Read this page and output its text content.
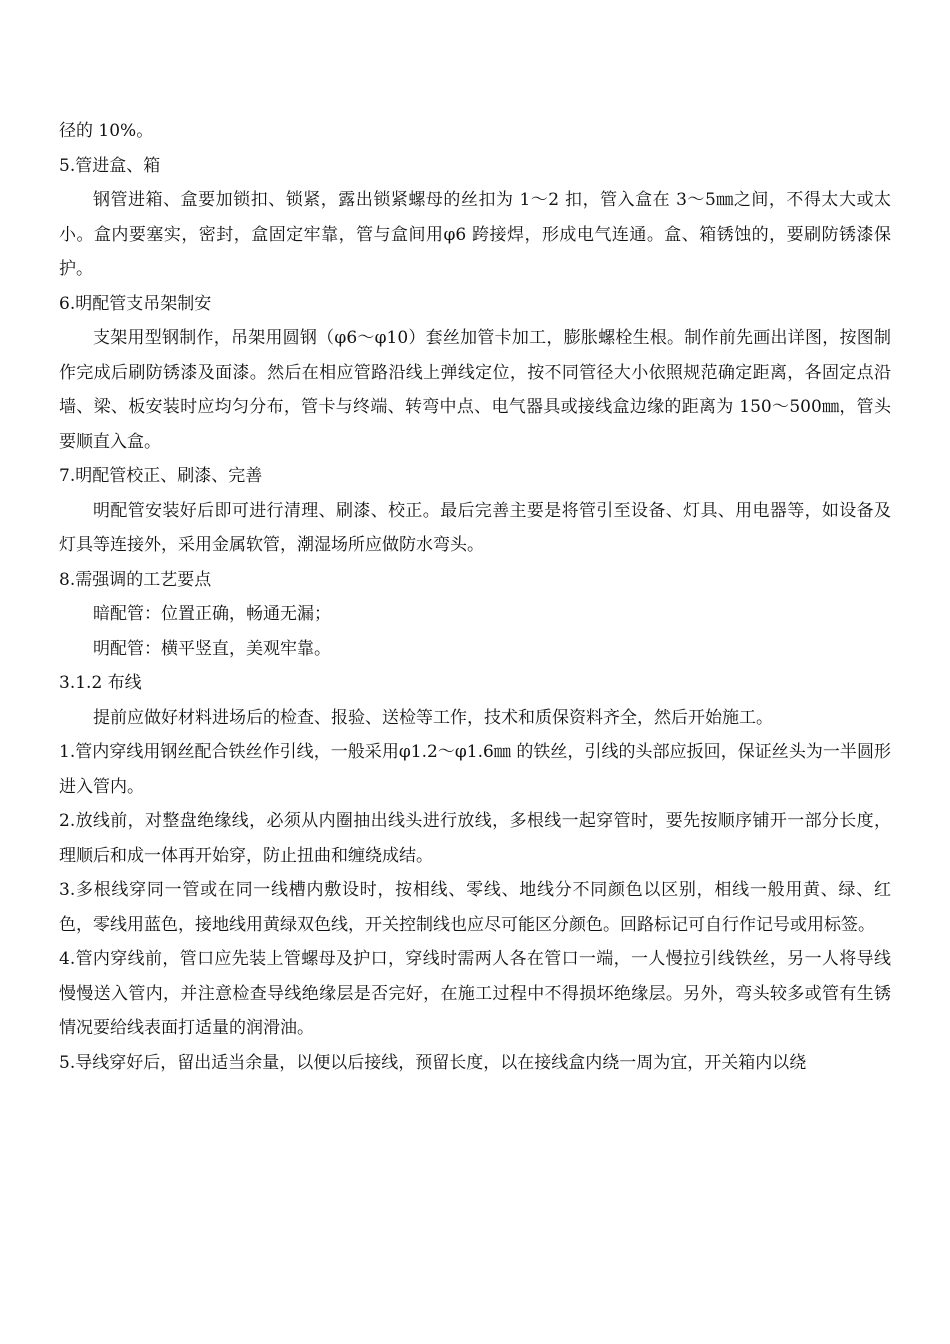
径的 10%。

5.管进盒、箱

钢管进箱、盒要加锁扣、锁紧，露出锁紧螺母的丝扣为 1～2 扣，管入盒在 3～5㎜之间，不得太大或太小。盒内要塞实，密封，盒固定牢靠，管与盒间用φ6 跨接焊，形成电气连通。盒、箱锈蚀的，要刷防锈漆保护。

6.明配管支吊架制安

支架用型钢制作，吊架用圆钢（φ6～φ10）套丝加管卡加工，膨胀螺栓生根。制作前先画出详图，按图制作完成后刷防锈漆及面漆。然后在相应管路沿线上弹线定位，按不同管径大小依照规范确定距离，各固定点沿墙、梁、板安装时应均匀分布，管卡与终端、转弯中点、电气器具或接线盒边缘的距离为 150～500㎜，管头要顺直入盒。

7.明配管校正、刷漆、完善

明配管安装好后即可进行清理、刷漆、校正。最后完善主要是将管引至设备、灯具、用电器等，如设备及灯具等连接外，采用金属软管，潮湿场所应做防水弯头。

8.需强调的工艺要点

暗配管：位置正确，畅通无漏；

明配管：横平竖直，美观牢靠。

3.1.2 布线

提前应做好材料进场后的检查、报验、送检等工作，技术和质保资料齐全，然后开始施工。

1.管内穿线用钢丝配合铁丝作引线，一般采用φ1.2～φ1.6㎜ 的铁丝，引线的头部应扳回，保证丝头为一半圆形进入管内。

2.放线前，对整盘绝缘线，必须从内圈抽出线头进行放线，多根线一起穿管时，要先按顺序铺开一部分长度，理顺后和成一体再开始穿，防止扭曲和缠绕成结。

3.多根线穿同一管或在同一线槽内敷设时，按相线、零线、地线分不同颜色以区别，相线一般用黄、绿、红色，零线用蓝色，接地线用黄绿双色线，开关控制线也应尽可能区分颜色。回路标记可自行作记号或用标签。

4.管内穿线前，管口应先装上管螺母及护口，穿线时需两人各在管口一端，一人慢拉引线铁丝，另一人将导线慢慢送入管内，并注意检查导线绝缘层是否完好，在施工过程中不得损坏绝缘层。另外，弯头较多或管有生锈情况要给线表面打适量的润滑油。

5.导线穿好后，留出适当余量，以便以后接线，预留长度，以在接线盒内绕一周为宜，开关箱内以绕
